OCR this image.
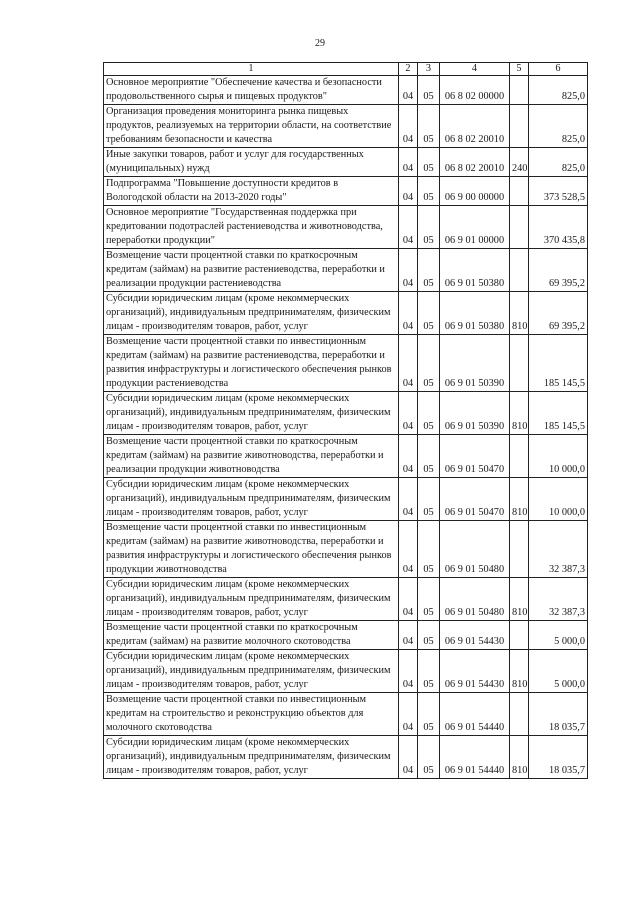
29
1	2	3	4	5	6
Основное мероприятие "Обеспечение качества и безопасности продовольственного сырья и пищевых продуктов"	04	05	06 8 02 00000		825,0
Организация проведения мониторинга рынка пищевых продуктов, реализуемых на территории области, на соответствие требованиям безопасности и качества	04	05	06 8 02 20010		825,0
Иные закупки товаров, работ и услуг для государственных (муниципальных) нужд	04	05	06 8 02 20010	240	825,0
Подпрограмма "Повышение доступности кредитов в Вологодской области на 2013-2020 годы"	04	05	06 9 00 00000		373 528,5
Основное мероприятие "Государственная поддержка при кредитовании подотраслей растениеводства и животноводства, переработки продукции"	04	05	06 9 01 00000		370 435,8
Возмещение части процентной ставки по краткосрочным кредитам (займам) на развитие растениеводства, переработки и реализации продукции растениеводства	04	05	06 9 01 50380		69 395,2
Субсидии юридическим лицам (кроме некоммерческих организаций), индивидуальным предпринимателям, физическим лицам - производителям товаров, работ, услуг	04	05	06 9 01 50380	810	69 395,2
Возмещение части процентной ставки по инвестиционным кредитам (займам) на развитие растениеводства, переработки и развития инфраструктуры и логистического обеспечения рынков продукции растениеводства	04	05	06 9 01 50390		185 145,5
Субсидии юридическим лицам (кроме некоммерческих организаций), индивидуальным предпринимателям, физическим лицам - производителям товаров, работ, услуг	04	05	06 9 01 50390	810	185 145,5
Возмещение части процентной ставки по краткосрочным кредитам (займам) на развитие животноводства, переработки и реализации продукции животноводства	04	05	06 9 01 50470		10 000,0
Субсидии юридическим лицам (кроме некоммерческих организаций), индивидуальным предпринимателям, физическим лицам - производителям товаров, работ, услуг	04	05	06 9 01 50470	810	10 000,0
Возмещение части процентной ставки по инвестиционным кредитам (займам) на развитие животноводства, переработки и развития инфраструктуры и логистического обеспечения рынков продукции животноводства	04	05	06 9 01 50480		32 387,3
Субсидии юридическим лицам (кроме некоммерческих организаций), индивидуальным предпринимателям, физическим лицам - производителям товаров, работ, услуг	04	05	06 9 01 50480	810	32 387,3
Возмещение части процентной ставки по краткосрочным кредитам (займам) на развитие молочного скотоводства	04	05	06 9 01 54430		5 000,0
Субсидии юридическим лицам (кроме некоммерческих организаций), индивидуальным предпринимателям, физическим лицам - производителям товаров, работ, услуг	04	05	06 9 01 54430	810	5 000,0
Возмещение части процентной ставки по инвестиционным кредитам на строительство и реконструкцию объектов для молочного скотоводства	04	05	06 9 01 54440		18 035,7
Субсидии юридическим лицам (кроме некоммерческих организаций), индивидуальным предпринимателям, физическим лицам - производителям товаров, работ, услуг	04	05	06 9 01 54440	810	18 035,7
